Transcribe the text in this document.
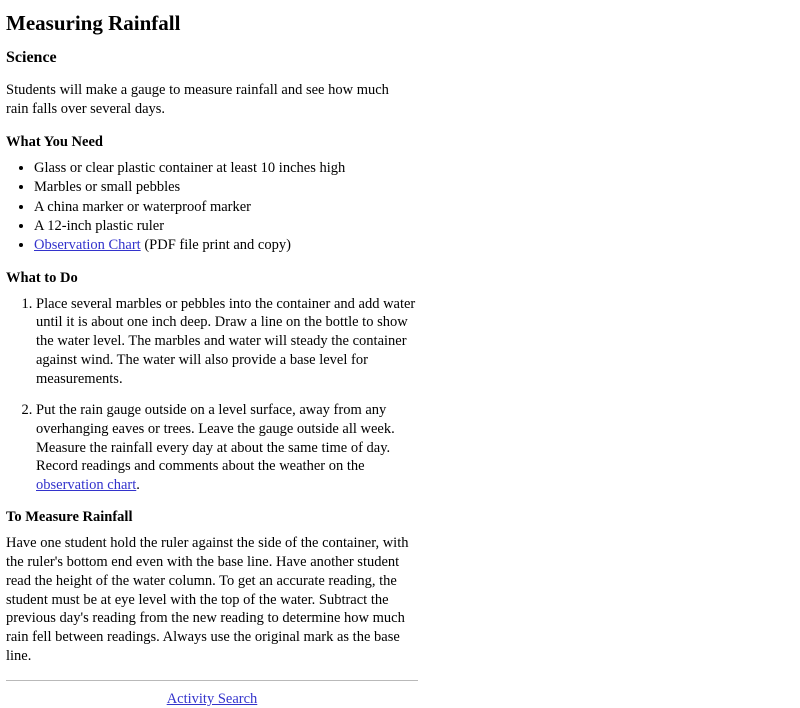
Measuring Rainfall
Science

Students will make a gauge to measure rainfall and see how much rain falls over several days.

What You Need
• Glass or clear plastic container at least 10 inches high
• Marbles or small pebbles
• A china marker or waterproof marker
• A 12-inch plastic ruler
• Observation Chart (PDF file print and copy)
What to Do
1. Place several marbles or pebbles into the container and add water until it is about one inch deep. Draw a line on the bottle to show the water level. The marbles and water will steady the container against wind. The water will also provide a base level for measurements.
2. Put the rain gauge outside on a level surface, away from any overhanging eaves or trees. Leave the gauge outside all week. Measure the rainfall every day at about the same time of day. Record readings and comments about the weather on the observation chart.
To Measure Rainfall

Have one student hold the ruler against the side of the container, with the ruler's bottom end even with the base line. Have another student read the height of the water column. To get an accurate reading, the student must be at eye level with the top of the water. Subtract the previous day's reading from the new reading to determine how much rain fell between readings. Always use the original mark as the base line.

Activity Search
